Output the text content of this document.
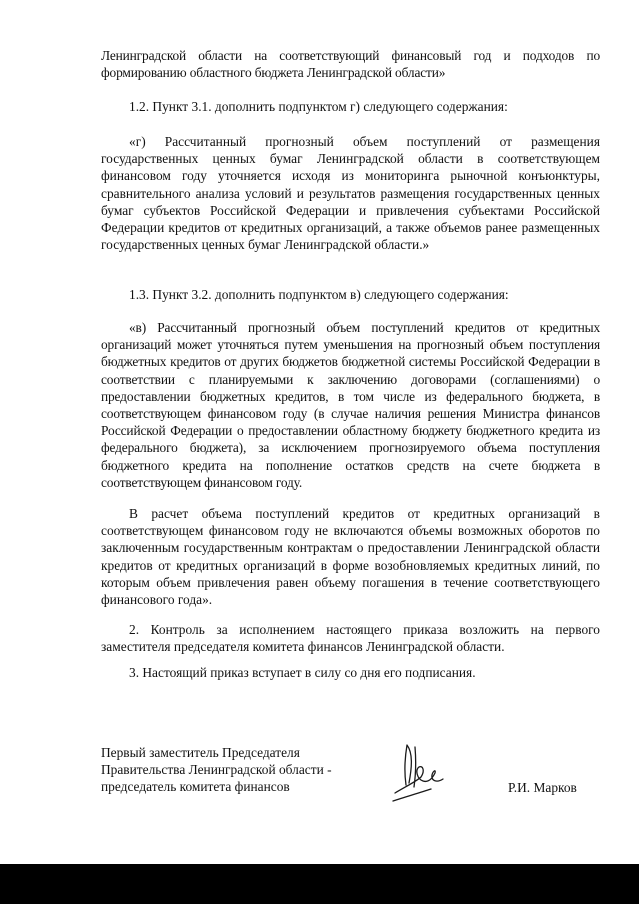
Ленинградской области на соответствующий финансовый год и подходов по формированию областного бюджета Ленинградской области»

1.2. Пункт 3.1. дополнить подпунктом г) следующего содержания:

«г) Рассчитанный прогнозный объем поступлений от размещения государственных ценных бумаг Ленинградской области в соответствующем финансовом году уточняется исходя из мониторинга рыночной конъюнктуры, сравнительного анализа условий и результатов размещения государственных ценных бумаг субъектов Российской Федерации и привлечения субъектами Российской Федерации кредитов от кредитных организаций, а также объемов ранее размещенных государственных ценных бумаг Ленинградской области.»

1.3. Пункт 3.2. дополнить подпунктом в) следующего содержания:

«в) Рассчитанный прогнозный объем поступлений кредитов от кредитных организаций может уточняться путем уменьшения на прогнозный объем поступления бюджетных кредитов от других бюджетов бюджетной системы Российской Федерации в соответствии с планируемыми к заключению договорами (соглашениями) о предоставлении бюджетных кредитов, в том числе из федерального бюджета, в соответствующем финансовом году (в случае наличия решения Министра финансов Российской Федерации о предоставлении областному бюджету бюджетного кредита из федерального бюджета), за исключением прогнозируемого объема поступления бюджетного кредита на пополнение остатков средств на счете бюджета в соответствующем финансовом году.

В расчет объема поступлений кредитов от кредитных организаций в соответствующем финансовом году не включаются объемы возможных оборотов по заключенным государственным контрактам о предоставлении Ленинградской области кредитов от кредитных организаций в форме возобновляемых кредитных линий, по которым объем привлечения равен объему погашения в течение соответствующего финансового года».

2. Контроль за исполнением настоящего приказа возложить на первого заместителя председателя комитета финансов Ленинградской области.

3. Настоящий приказ вступает в силу со дня его подписания.

Первый заместитель Председателя
Правительства Ленинградской области -
председатель комитета финансов	Р.И. Марков
